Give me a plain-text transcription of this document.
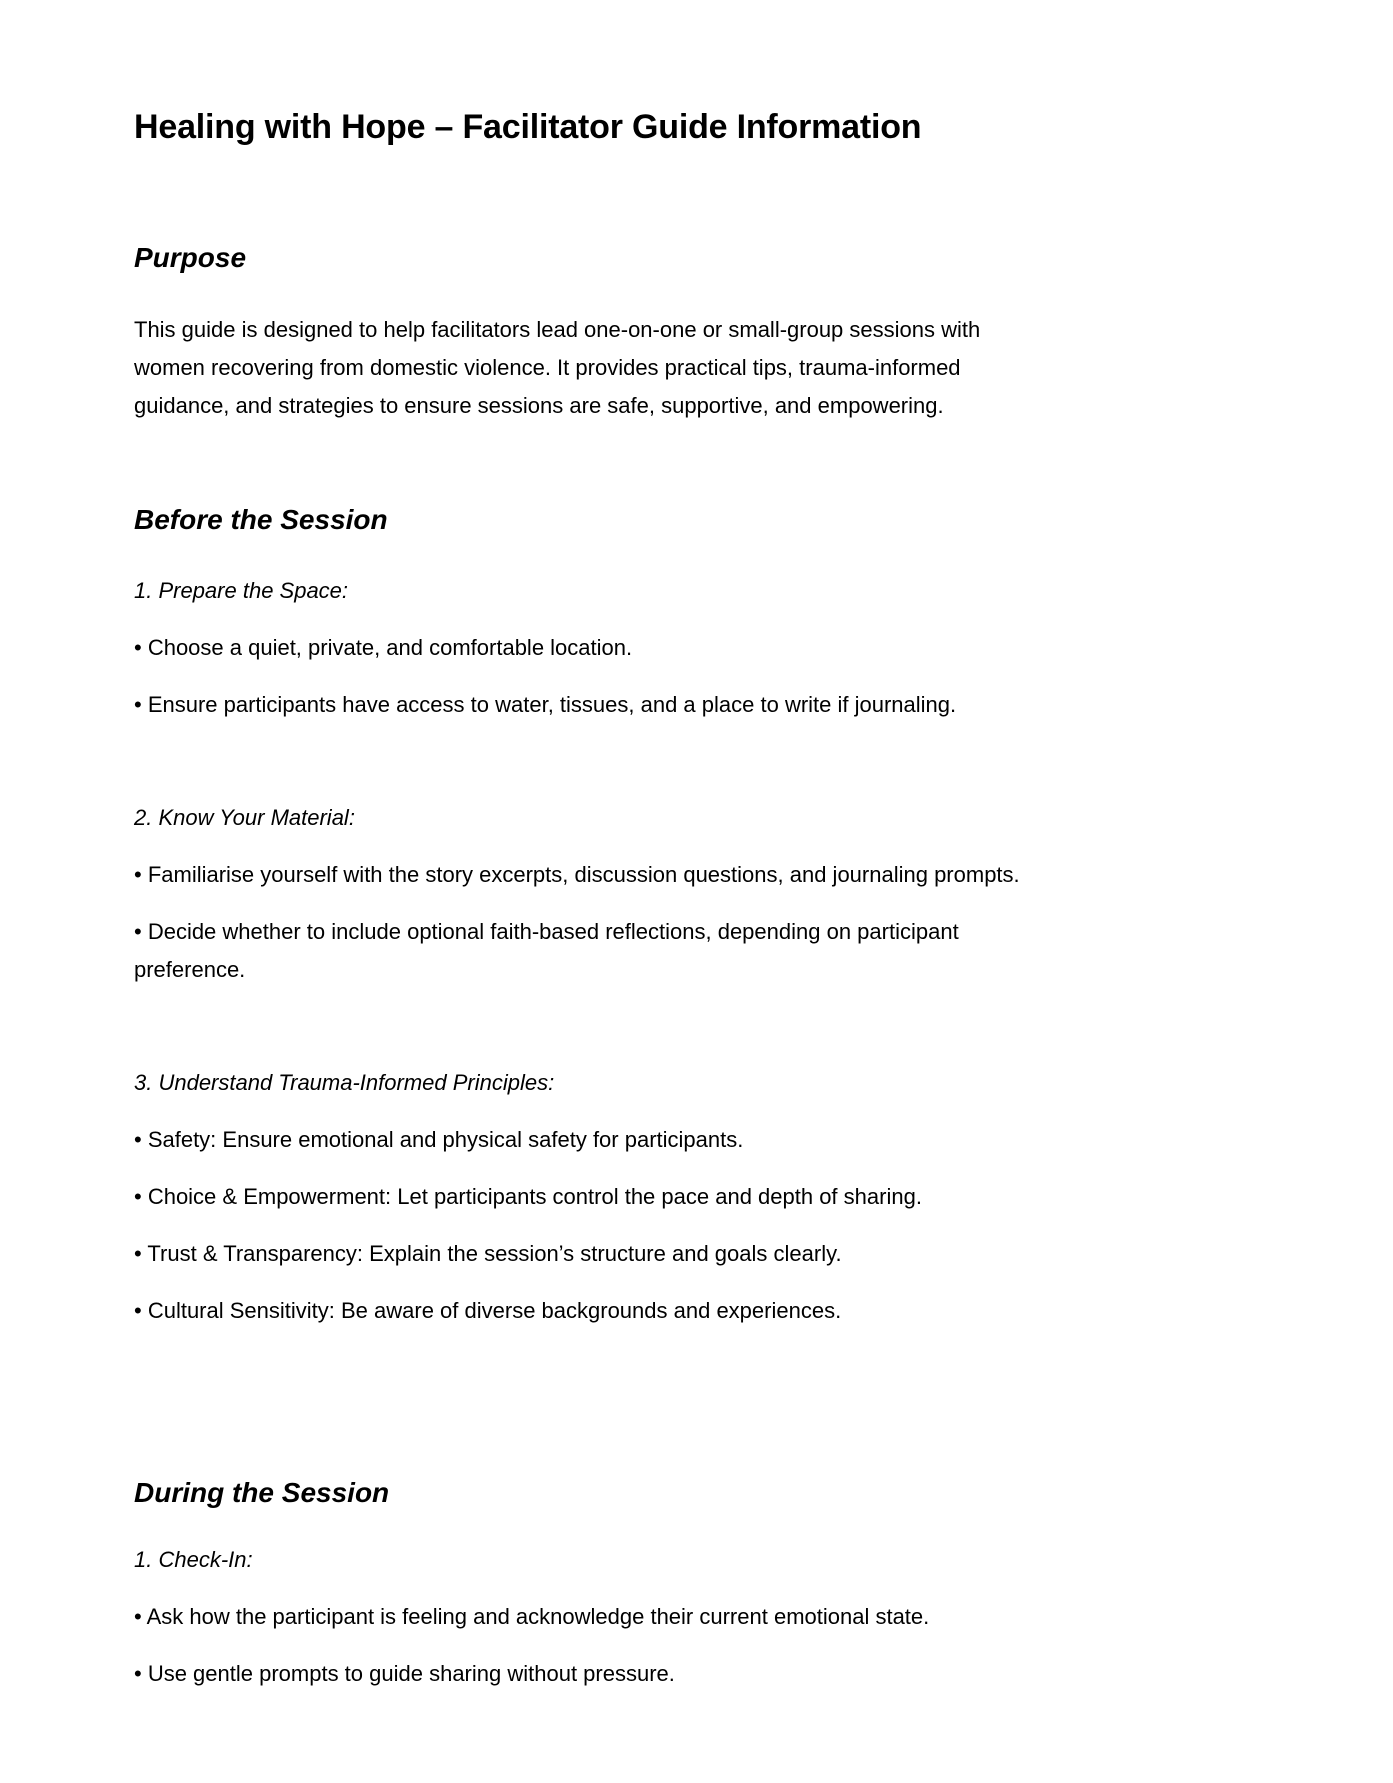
Healing with Hope – Facilitator Guide Information
Purpose

This guide is designed to help facilitators lead one-on-one or small-group sessions with

women recovering from domestic violence. It provides practical tips, trauma-informed

guidance, and strategies to ensure sessions are safe, supportive, and empowering.

Before the Session

1. Prepare the Space:

• Choose a quiet, private, and comfortable location.

• Ensure participants have access to water, tissues, and a place to write if journaling.

2. Know Your Material:

• Familiarise yourself with the story excerpts, discussion questions, and journaling prompts.

• Decide whether to include optional faith-based reflections, depending on participant

preference.

3. Understand Trauma-Informed Principles:

• Safety: Ensure emotional and physical safety for participants.

• Choice & Empowerment: Let participants control the pace and depth of sharing.

• Trust & Transparency: Explain the session’s structure and goals clearly.

• Cultural Sensitivity: Be aware of diverse backgrounds and experiences.

During the Session

1. Check-In:

• Ask how the participant is feeling and acknowledge their current emotional state.

• Use gentle prompts to guide sharing without pressure.
